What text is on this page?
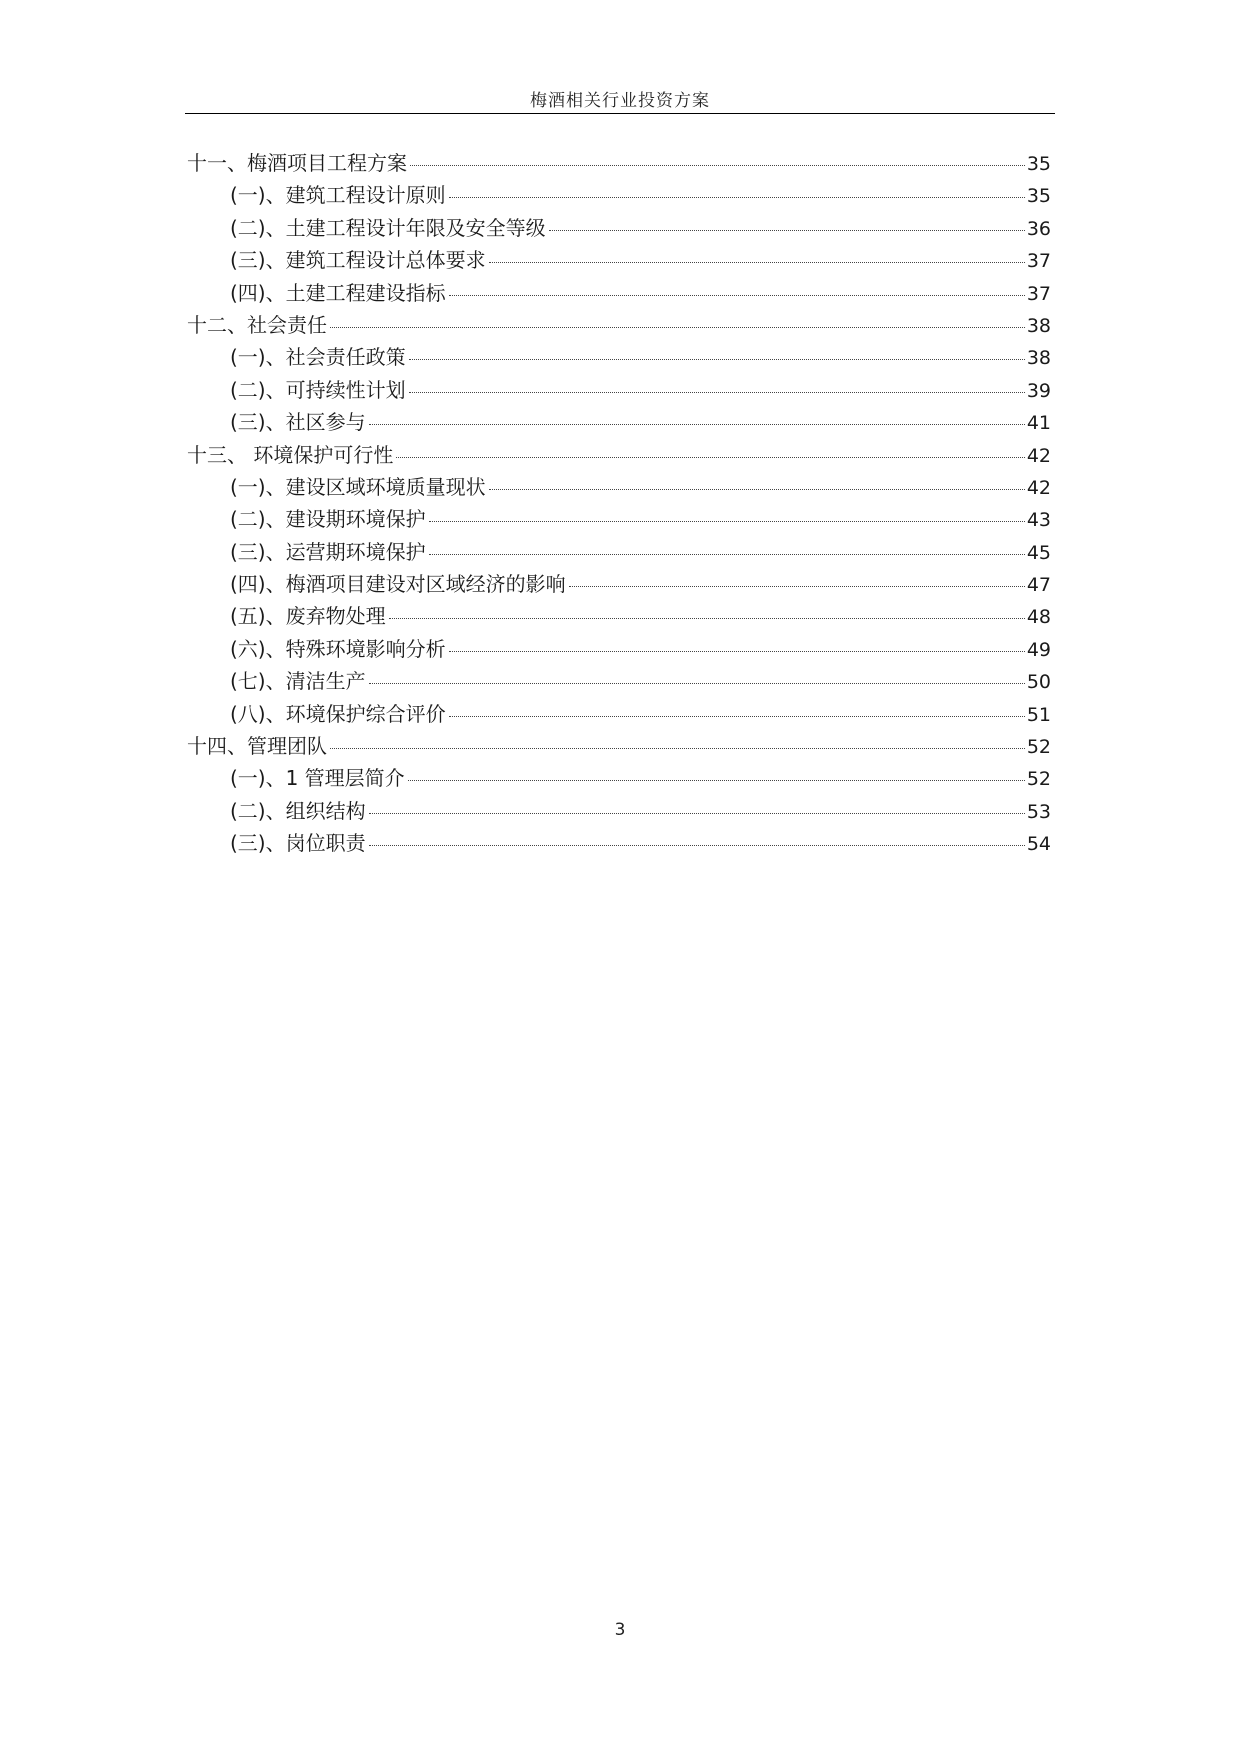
梅酒相关行业投资方案
十一、梅酒项目工程方案	35
(一)、建筑工程设计原则	35
(二)、土建工程设计年限及安全等级	36
(三)、建筑工程设计总体要求	37
(四)、土建工程建设指标	37
十二、社会责任	38
(一)、社会责任政策	38
(二)、可持续性计划	39
(三)、社区参与	41
十三、 环境保护可行性	42
(一)、建设区域环境质量现状	42
(二)、建设期环境保护	43
(三)、运营期环境保护	45
(四)、梅酒项目建设对区域经济的影响	47
(五)、废弃物处理	48
(六)、特殊环境影响分析	49
(七)、清洁生产	50
(八)、环境保护综合评价	51
十四、管理团队	52
(一)、1 管理层简介	52
(二)、组织结构	53
(三)、岗位职责	54
3
